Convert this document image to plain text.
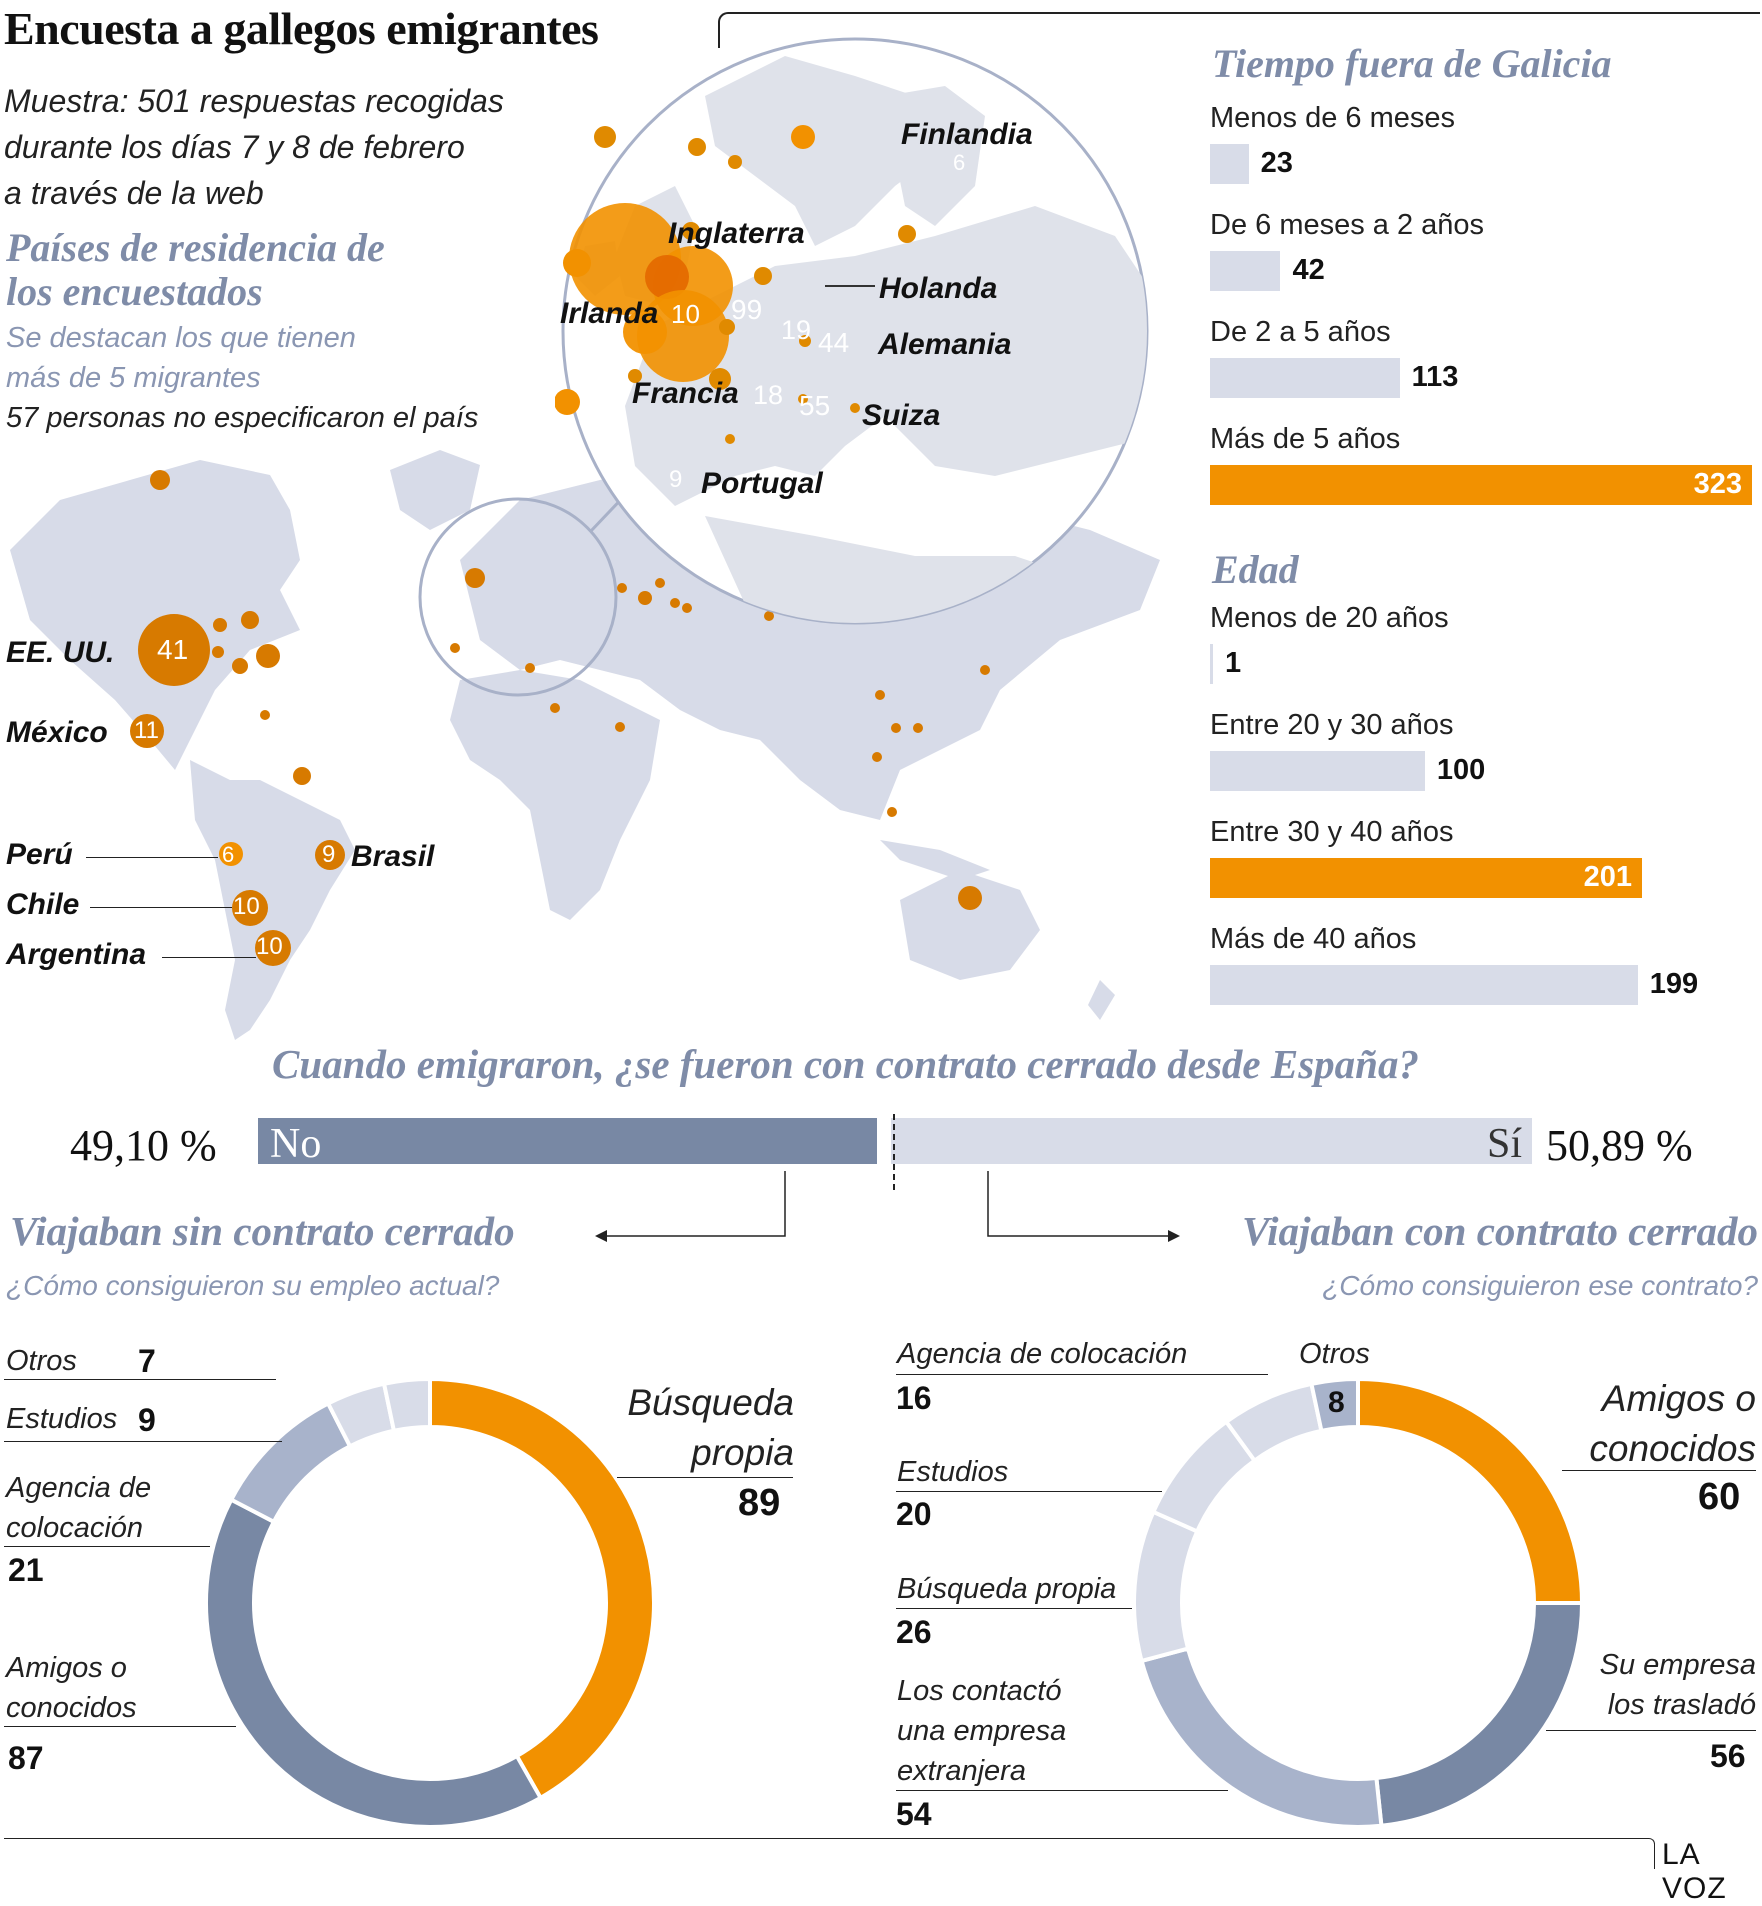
Encuesta a gallegos emigrantes
Muestra: 501 respuestas recogidas
durante los días 7 y 8 de febrero
a través de la web
Países de residencia de
los encuestados
Se destacan los que tienen
más de 5 migrantes
57 personas no especificaron el país
Finlandia
6
Inglaterra
99
Irlanda 10
Holanda
19 Alemania
44
Francia 18
Suiza
55
Portugal
9
41
EE. UU.
11
México
6
Perú	9 Brasil
10
Chile
10
Argentina
Tiempo fuera de Galicia
Menos de 6 meses
23
De 6 meses a 2 años
42
De 2 a 5 años
113
Más de 5 años
323
Edad
Menos de 20 años
1
Entre 20 y 30 años
100
Entre 30 y 40 años
201
Más de 40 años
199
Cuando emigraron, ¿se fueron con contrato cerrado desde España?
49,10 % No	Sí 50,89 %
Viajaban sin contrato cerrado
¿Cómo consiguieron su empleo actual?
Viajaban con contrato cerrado
¿Cómo consiguieron ese contrato?
Otros 7
Estudios 9
Agencia de colocación
21
Amigos o conocidos
87
Búsqueda propia
89
Agencia de colocación
16
Otros
8
Estudios
20
Búsqueda propia
26
Los contactó una empresa extranjera
54
Amigos o conocidos
60
Su empresa los trasladó
56
LA VOZ
